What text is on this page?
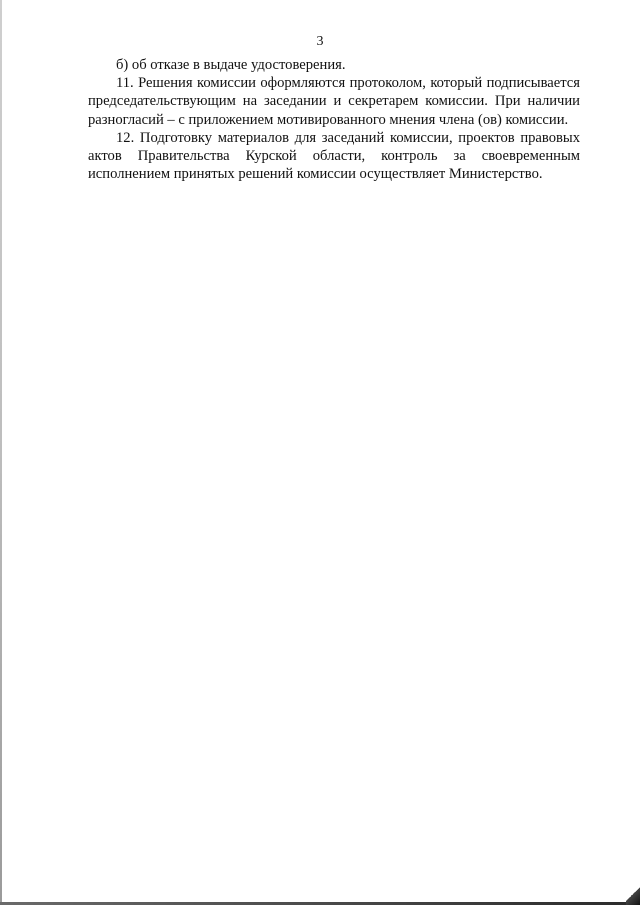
3

б) об отказе в выдаче удостоверения.

11. Решения комиссии оформляются протоколом, который подписывается председательствующим на заседании и секретарем комиссии. При наличии разногласий – с приложением мотивированного мнения члена (ов) комиссии.

12. Подготовку материалов для заседаний комиссии, проектов правовых актов Правительства Курской области, контроль за своевременным исполнением принятых решений комиссии осуществляет Министерство.
